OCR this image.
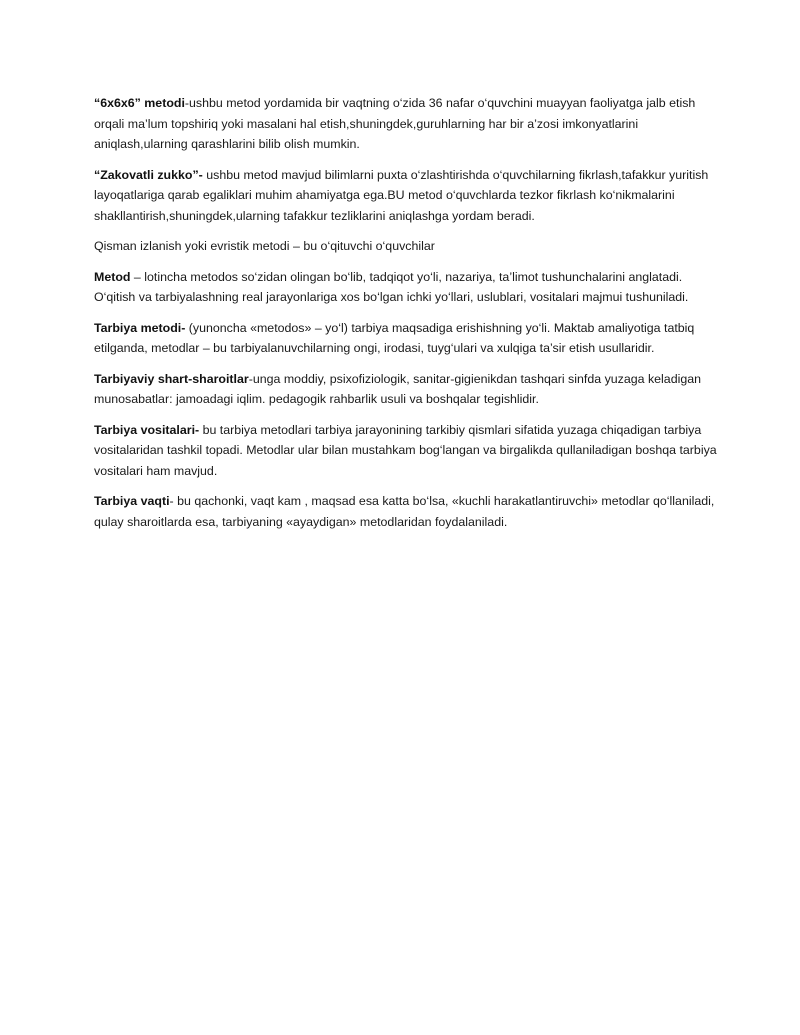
“6x6x6” metodi-ushbu metod yordamida bir vaqtning o‘zida 36 nafar o‘quvchini muayyan faoliyatga jalb etish orqali ma’lum topshiriq yoki masalani hal etish,shuningdek,guruhlarning har bir a’zosi imkonyatlarini aniqlash,ularning qarashlarini bilib olish mumkin.

“Zakovatli zukko”- ushbu metod mavjud bilimlarni puxta o‘zlashtirishda o‘quvchilarning fikrlash,tafakkur yuritish layoqatlariga qarab egaliklari muhim ahamiyatga ega.BU metod o‘quvchlarda tezkor fikrlash ko‘nikmalarini shakllantirish,shuningdek,ularning tafakkur tezliklarini aniqlashga yordam beradi.

Qisman izlanish yoki evristik metodi – bu o‘qituvchi o‘quvchilar

Metod – lotincha metodos so‘zidan olingan bo‘lib, tadqiqot yo‘li, nazariya, ta’limot tushunchalarini anglatadi. O‘qitish va tarbiyalashning real jarayonlariga xos bo‘lgan ichki yo‘llari, uslublari, vositalari majmui tushuniladi.

Tarbiya metodi- (yunoncha «metodos» – yo‘l) tarbiya maqsadiga erishishning yo‘li. Maktab amaliyotiga tatbiq etilganda, metodlar – bu tarbiyalanuvchilarning ongi, irodasi, tuyg‘ulari va xulqiga ta’sir etish usullaridir.

Tarbiyaviy shart-sharoitlar-unga moddiy, psixofiziologik, sanitar-gigienikdan tashqari sinfda yuzaga keladigan munosabatlar: jamoadagi iqlim. pedagogik rahbarlik usuli va boshqalar tegishlidir.

Tarbiya vositalari- bu tarbiya metodlari tarbiya jarayonining tarkibiy qismlari sifatida yuzaga chiqadigan tarbiya vositalaridan tashkil topadi. Metodlar ular bilan mustahkam bog‘langan va birgalikda qullaniladigan boshqa tarbiya vositalari ham mavjud.

Tarbiya vaqti- bu qachonki, vaqt kam , maqsad esa katta bo‘lsa, «kuchli harakatlantiruvchi» metodlar qo‘llaniladi, qulay sharoitlarda esa, tarbiyaning «ayaydigan» metodlaridan foydalaniladi.
